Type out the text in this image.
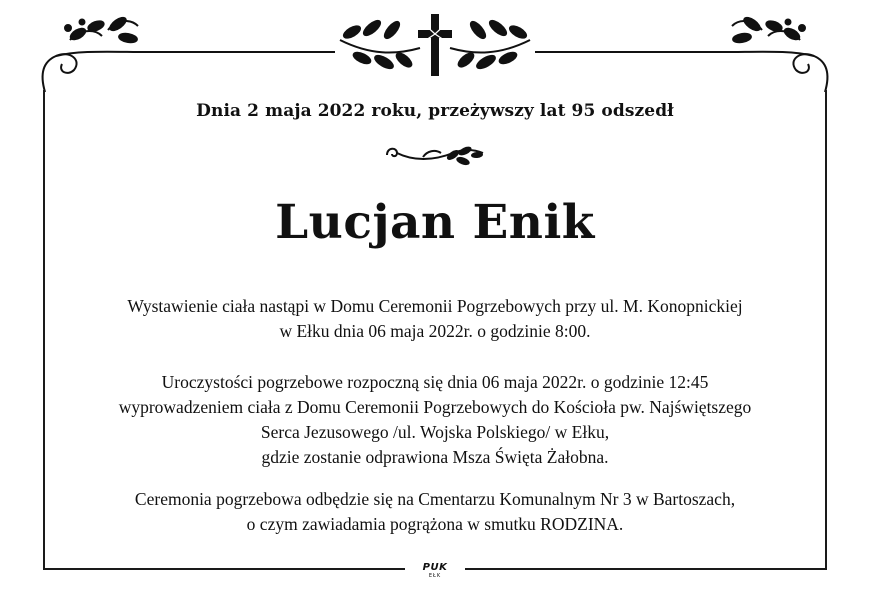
Dnia 2 maja 2022 roku, przeżywszy lat 95 odszedł
Lucjan Enik
Wystawienie ciała nastąpi w Domu Ceremonii Pogrzebowych przy ul. M. Konopnickiej
w Ełku dnia 06 maja 2022r. o godzinie 8:00.
Uroczystości pogrzebowe rozpoczną się dnia 06 maja 2022r. o godzinie 12:45
wyprowadzeniem ciała z Domu Ceremonii Pogrzebowych do Kościoła pw. Najświętszego
Serca Jezusowego /ul. Wojska Polskiego/ w Ełku,
gdzie zostanie odprawiona Msza Święta Żałobna.
Ceremonia pogrzebowa odbędzie się na Cmentarzu Komunalnym Nr 3 w Bartoszach,
o czym zawiadamia pogrążona w smutku RODZINA.
PUK
EŁK
